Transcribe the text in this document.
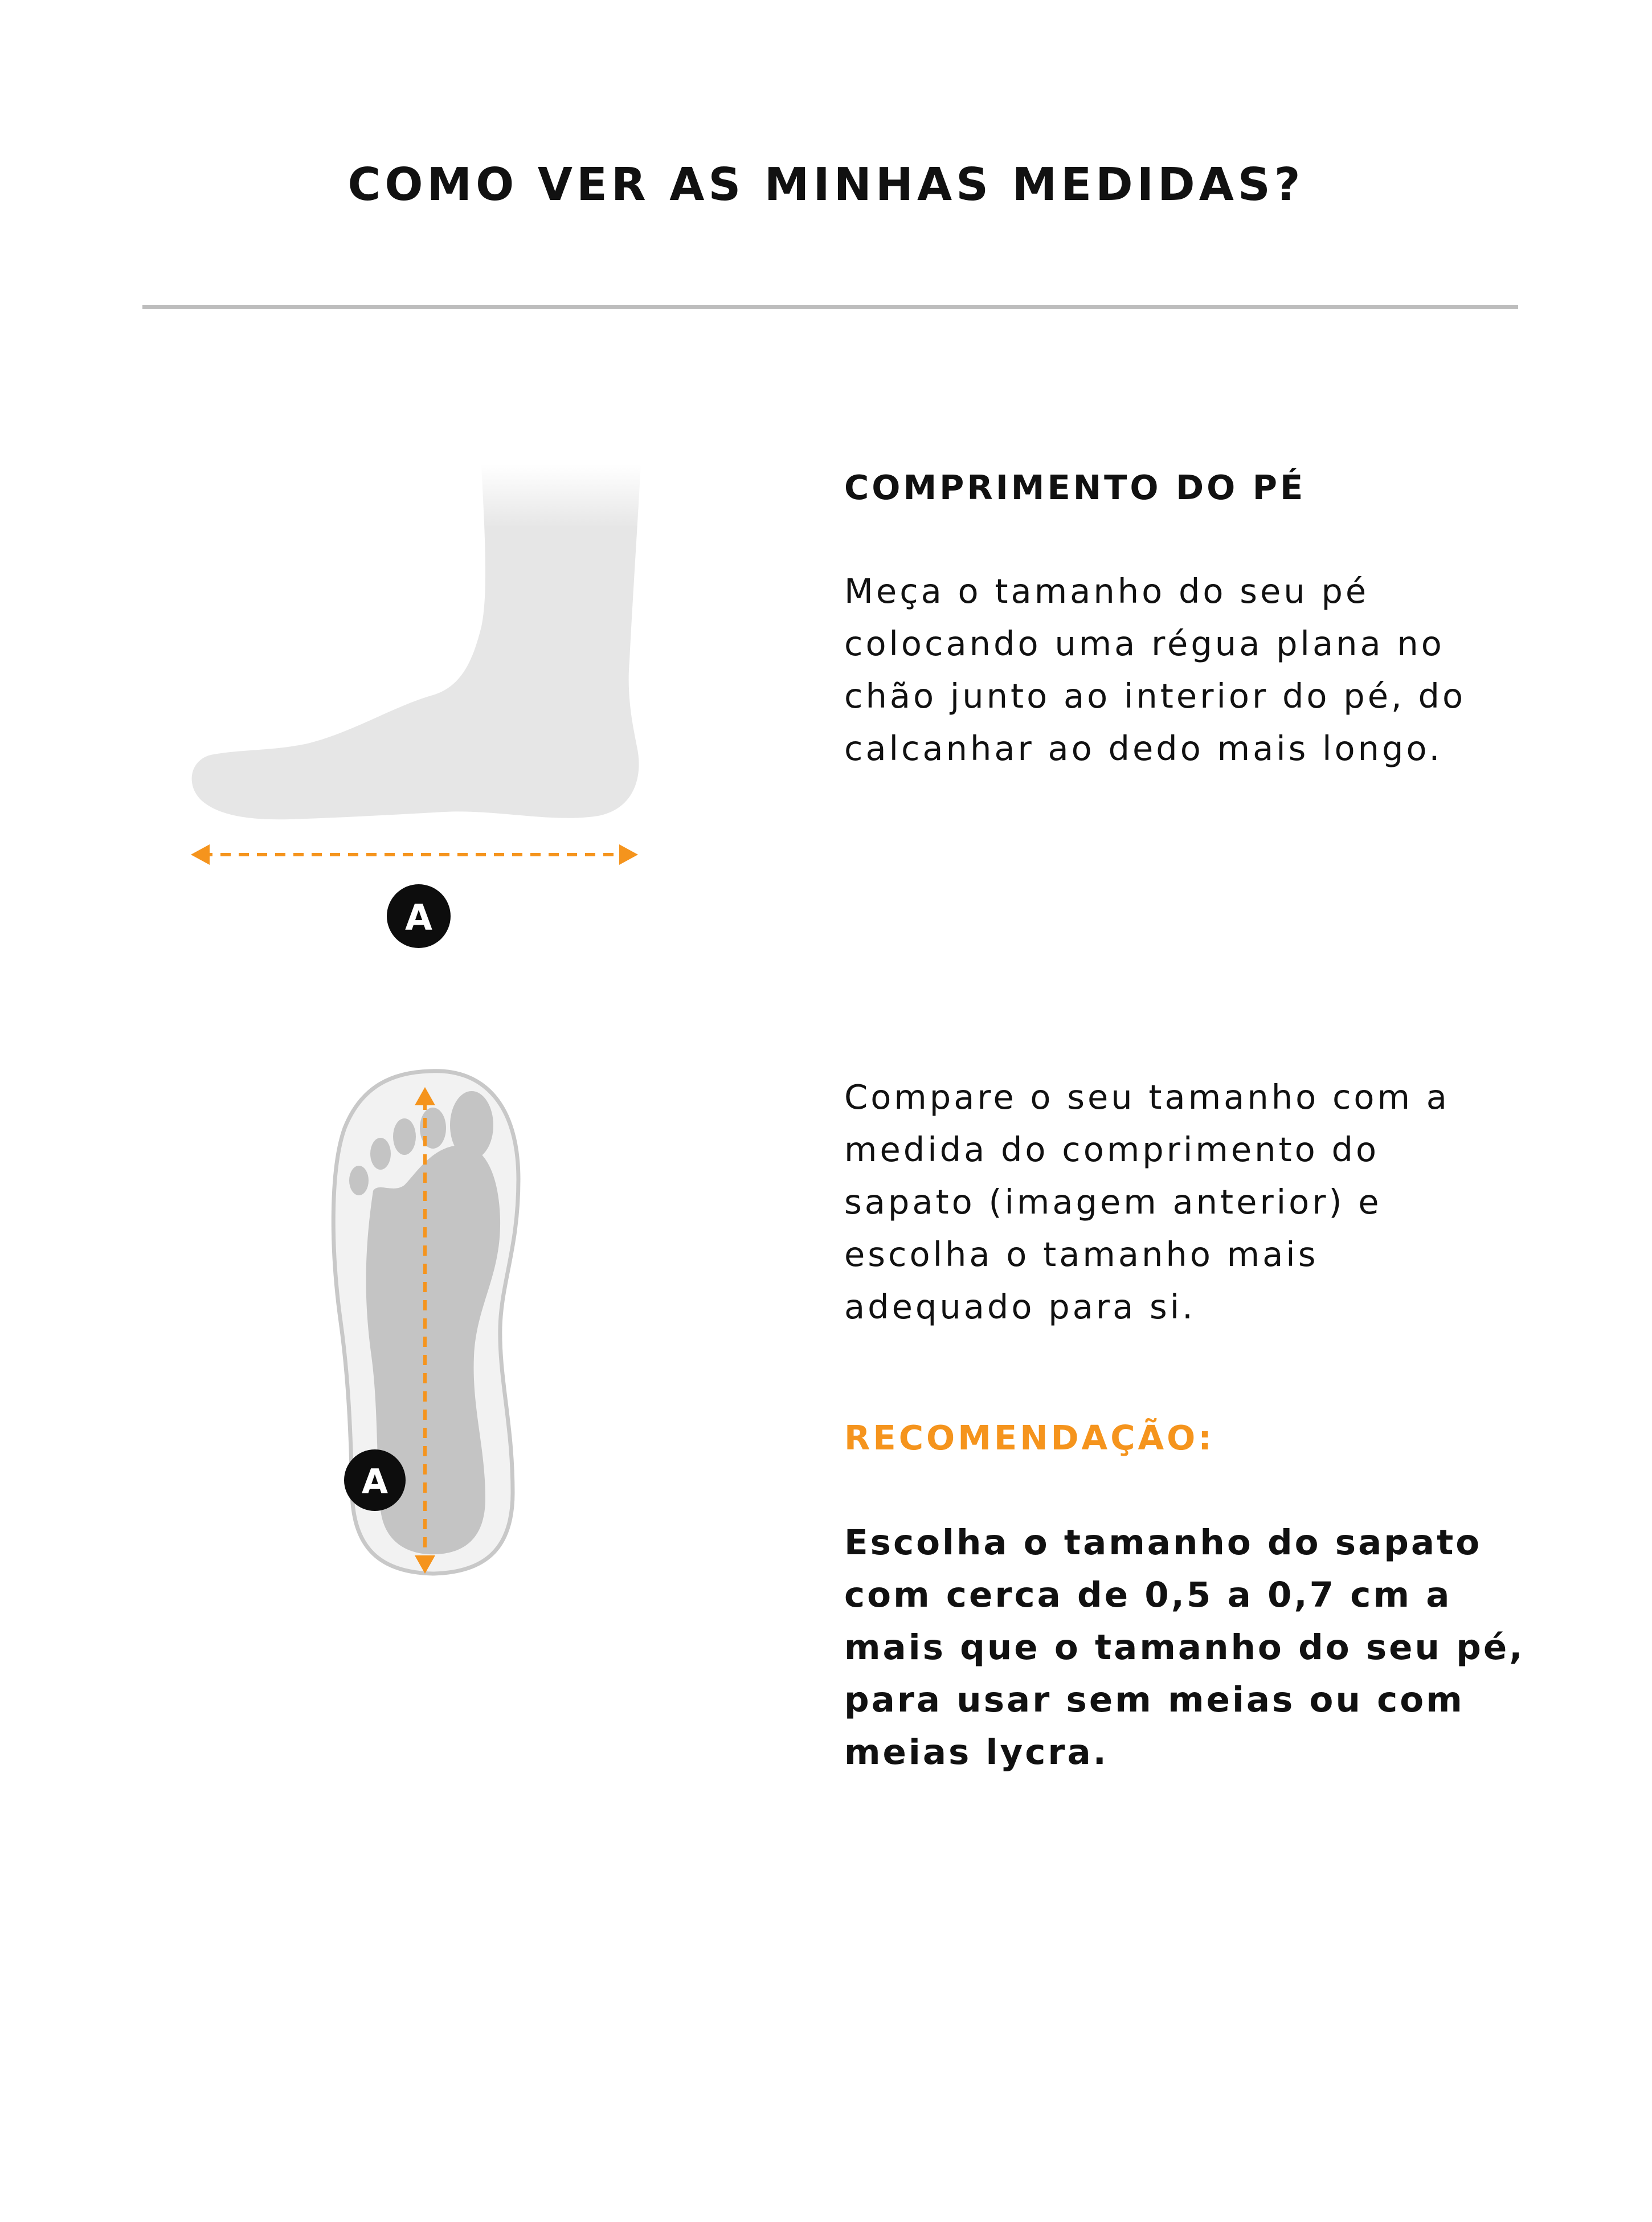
COMO VER AS MINHAS MEDIDAS?
A
A
COMPRIMENTO DO PÉ
Meça o tamanho do seu pé
colocando uma régua plana no
chão junto ao interior do pé, do
calcanhar ao dedo mais longo.
Compare o seu tamanho com a
medida do comprimento do
sapato (imagem anterior) e
escolha o tamanho mais
adequado para si.
RECOMENDAÇÃO:
Escolha o tamanho do sapato
com cerca de 0,5 a 0,7 cm a
mais que o tamanho do seu pé,
para usar sem meias ou com
meias lycra.
